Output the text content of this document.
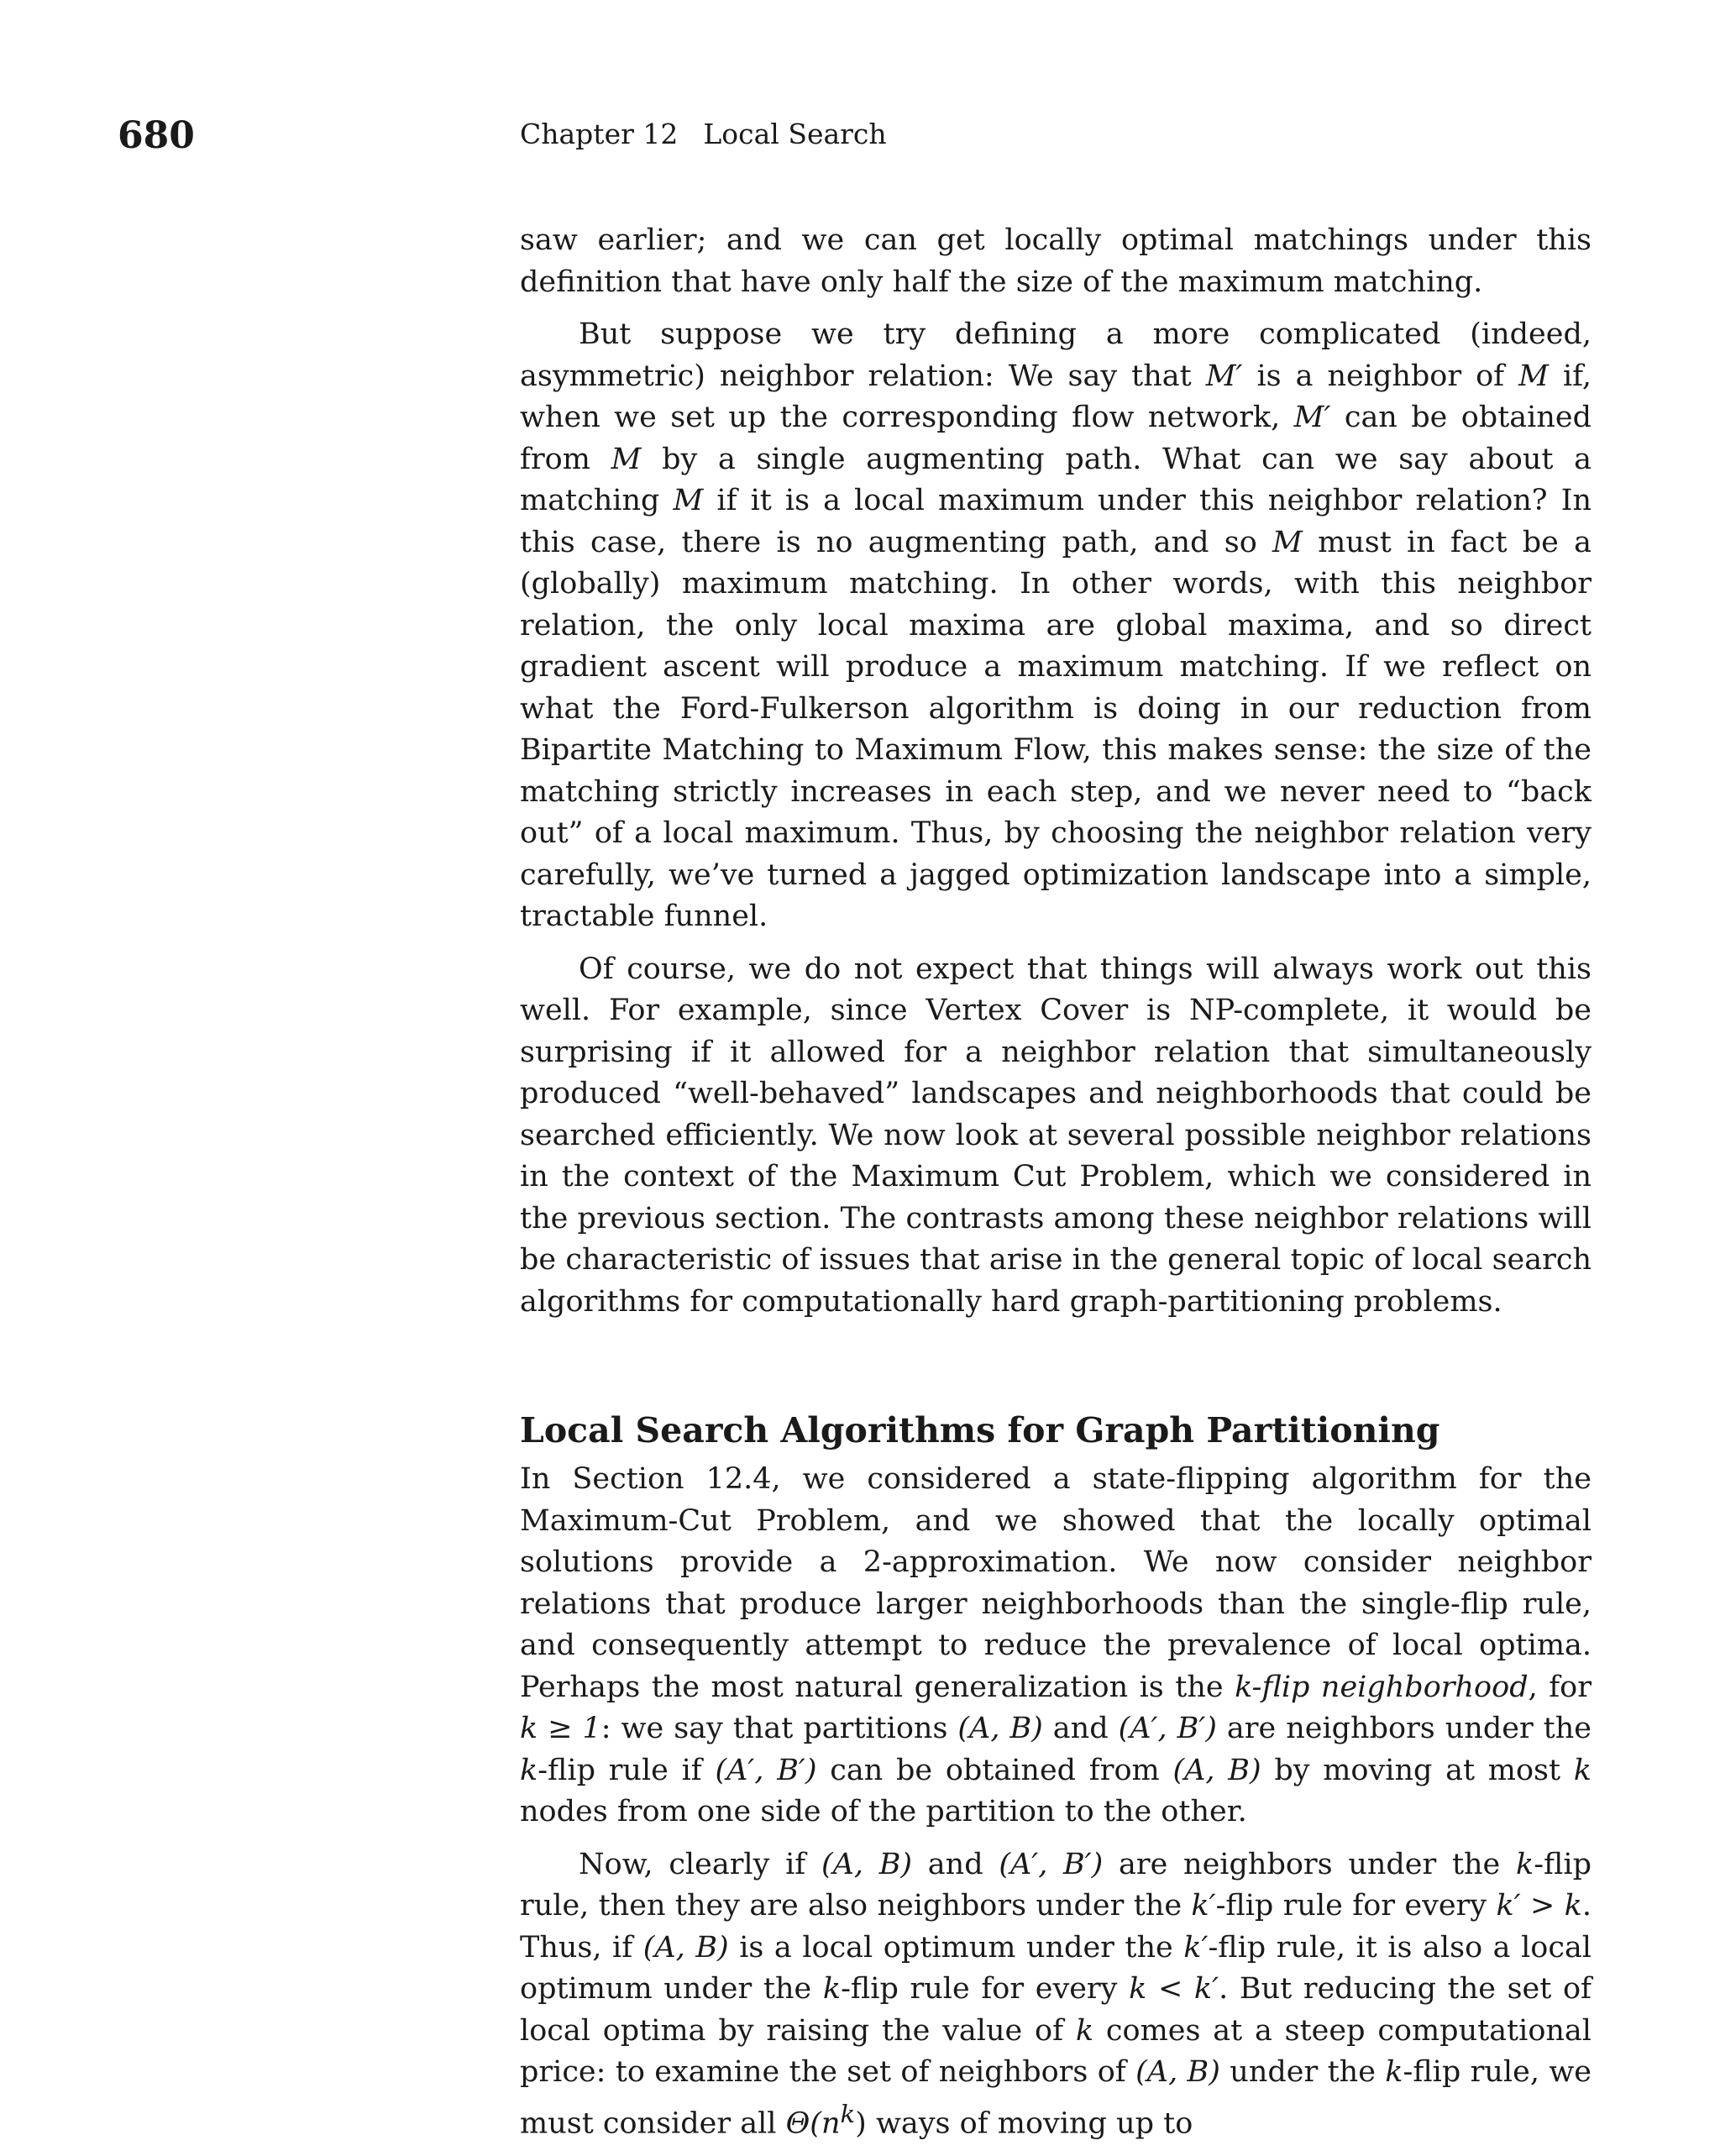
680	Chapter 12 Local Search

saw earlier; and we can get locally optimal matchings under this definition that have only half the size of the maximum matching.

But suppose we try defining a more complicated (indeed, asymmetric) neighbor relation: We say that M′ is a neighbor of M if, when we set up the corresponding flow network, M′ can be obtained from M by a single augmenting path. What can we say about a matching M if it is a local maximum under this neighbor relation? In this case, there is no augmenting path, and so M must in fact be a (globally) maximum matching. In other words, with this neighbor relation, the only local maxima are global maxima, and so direct gradient ascent will produce a maximum matching. If we reflect on what the Ford-Fulkerson algorithm is doing in our reduction from Bipartite Matching to Maximum Flow, this makes sense: the size of the matching strictly increases in each step, and we never need to “back out” of a local maximum. Thus, by choosing the neighbor relation very carefully, we’ve turned a jagged optimization landscape into a simple, tractable funnel.

Of course, we do not expect that things will always work out this well. For example, since Vertex Cover is NP-complete, it would be surprising if it allowed for a neighbor relation that simultaneously produced “well-behaved” landscapes and neighborhoods that could be searched efficiently. We now look at several possible neighbor relations in the context of the Maximum Cut Problem, which we considered in the previous section. The contrasts among these neighbor relations will be characteristic of issues that arise in the general topic of local search algorithms for computationally hard graph-partitioning problems.

Local Search Algorithms for Graph Partitioning

In Section 12.4, we considered a state-flipping algorithm for the Maximum-Cut Problem, and we showed that the locally optimal solutions provide a 2-approximation. We now consider neighbor relations that produce larger neighborhoods than the single-flip rule, and consequently attempt to reduce the prevalence of local optima. Perhaps the most natural generalization is the k-flip neighborhood, for k ≥ 1: we say that partitions (A, B) and (A′, B′) are neighbors under the k-flip rule if (A′, B′) can be obtained from (A, B) by moving at most k nodes from one side of the partition to the other.

Now, clearly if (A, B) and (A′, B′) are neighbors under the k-flip rule, then they are also neighbors under the k′-flip rule for every k′ > k. Thus, if (A, B) is a local optimum under the k′-flip rule, it is also a local optimum under the k-flip rule for every k < k′. But reducing the set of local optima by raising the value of k comes at a steep computational price: to examine the set of neighbors of (A, B) under the k-flip rule, we must consider all $\Theta(n^k)$ ways of moving up to
